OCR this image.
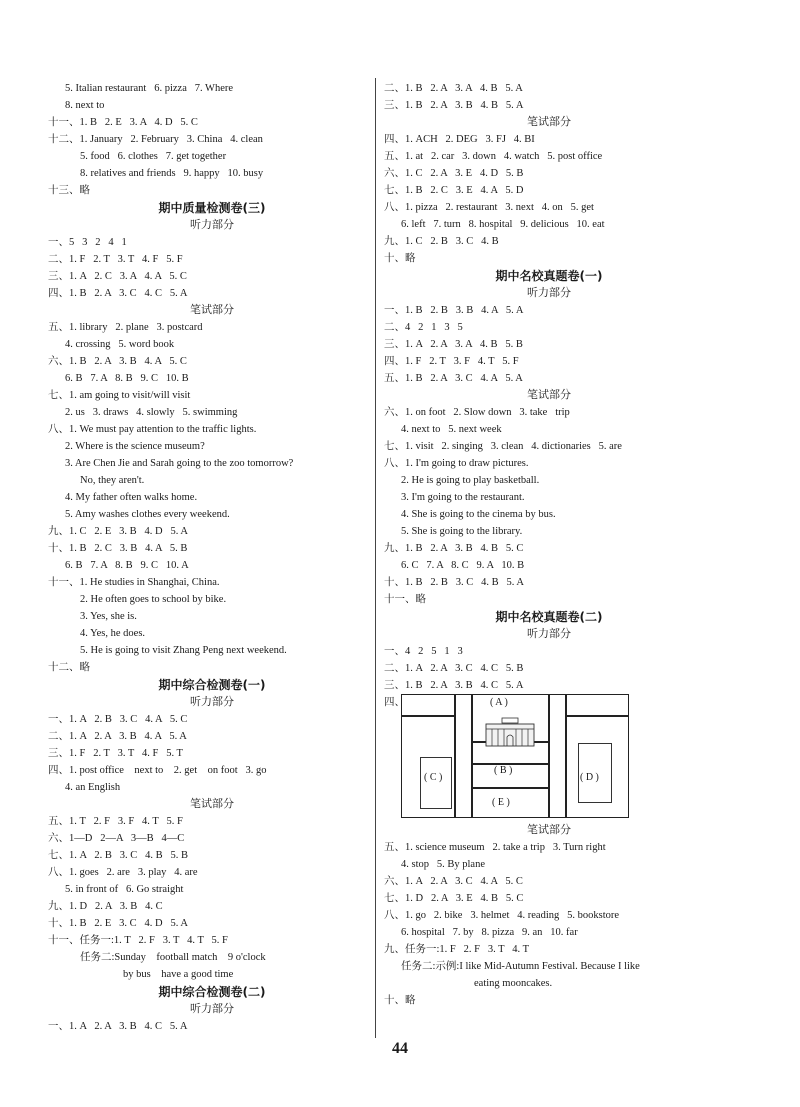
5. Italian restaurant   6. pizza   7. Where
8. next to
十一、1. B   2. E   3. A   4. D   5. C
十二、1. January   2. February   3. China   4. clean
5. food   6. clothes   7. get together
8. relatives and friends   9. happy   10. busy
十三、略
期中质量检测卷(三)
听力部分
一、5   3   2   4   1
二、1. F   2. T   3. T   4. F   5. F
三、1. A   2. C   3. A   4. A   5. C
四、1. B   2. A   3. C   4. C   5. A
笔试部分
五、1. library   2. plane   3. postcard
4. crossing   5. word book
六、1. B   2. A   3. B   4. A   5. C
6. B   7. A   8. B   9. C   10. B
七、1. am going to visit/will visit
2. us   3. draws   4. slowly   5. swimming
八、1. We must pay attention to the traffic lights.
2. Where is the science museum?
3. Are Chen Jie and Sarah going to the zoo tomorrow?
No, they aren't.
4. My father often walks home.
5. Amy washes clothes every weekend.
九、1. C   2. E   3. B   4. D   5. A
十、1. B   2. C   3. B   4. A   5. B
6. B   7. A   8. B   9. C   10. A
十一、1. He studies in Shanghai, China.
2. He often goes to school by bike.
3. Yes, she is.
4. Yes, he does.
5. He is going to visit Zhang Peng next weekend.
十二、略
期中综合检测卷(一)
听力部分
一、1. A   2. B   3. C   4. A   5. C
二、1. A   2. A   3. B   4. A   5. A
三、1. F   2. T   3. T   4. F   5. T
四、1. post office    next to    2. get    on foot   3. go
4. an English
笔试部分
五、1. T   2. F   3. F   4. T   5. F
六、1—D   2—A   3—B   4—C
七、1. A   2. B   3. C   4. B   5. B
八、1. goes   2. are   3. play   4. are
5. in front of   6. Go straight
九、1. D   2. A   3. B   4. C
十、1. B   2. E   3. C   4. D   5. A
十一、任务一:1. T   2. F   3. T   4. T   5. F
任务二:Sunday    football match    9 o'clock
by bus    have a good time
期中综合检测卷(二)
听力部分
一、1. A   2. A   3. B   4. C   5. A
二、1. B   2. A   3. A   4. B   5. A
三、1. B   2. A   3. B   4. B   5. A
笔试部分
四、1. ACH   2. DEG   3. FJ   4. BI
五、1. at   2. car   3. down   4. watch   5. post office
六、1. C   2. A   3. E   4. D   5. B
七、1. B   2. C   3. E   4. A   5. D
八、1. pizza   2. restaurant   3. next   4. on   5. get
6. left   7. turn   8. hospital   9. delicious   10. eat
九、1. C   2. B   3. C   4. B
十、略
期中名校真题卷(一)
听力部分
一、1. B   2. B   3. B   4. A   5. A
二、4   2   1   3   5
三、1. A   2. A   3. A   4. B   5. B
四、1. F   2. T   3. F   4. T   5. F
五、1. B   2. A   3. C   4. A   5. A
笔试部分
六、1. on foot   2. Slow down   3. take   trip
4. next to   5. next week
七、1. visit   2. singing   3. clean   4. dictionaries   5. are
八、1. I'm going to draw pictures.
2. He is going to play basketball.
3. I'm going to the restaurant.
4. She is going to the cinema by bus.
5. She is going to the library.
九、1. B   2. A   3. B   4. B   5. C
6. C   7. A   8. C   9. A   10. B
十、1. B   2. B   3. C   4. B   5. A
十一、略
期中名校真题卷(二)
听力部分
一、4   2   5   1   3
二、1. A   2. A   3. C   4. C   5. B
三、1. B   2. A   3. B   4. C   5. A
四、	( A )
( B )
( C )	( D )
( E )
笔试部分
五、1. science museum   2. take a trip   3. Turn right
4. stop   5. By plane
六、1. A   2. A   3. C   4. A   5. C
七、1. D   2. A   3. E   4. B   5. C
八、1. go   2. bike   3. helmet   4. reading   5. bookstore
6. hospital   7. by   8. pizza   9. an   10. far
九、任务一:1. F   2. F   3. T   4. T
任务二:示例:I like Mid-Autumn Festival. Because I like
eating mooncakes.
十、略
44
